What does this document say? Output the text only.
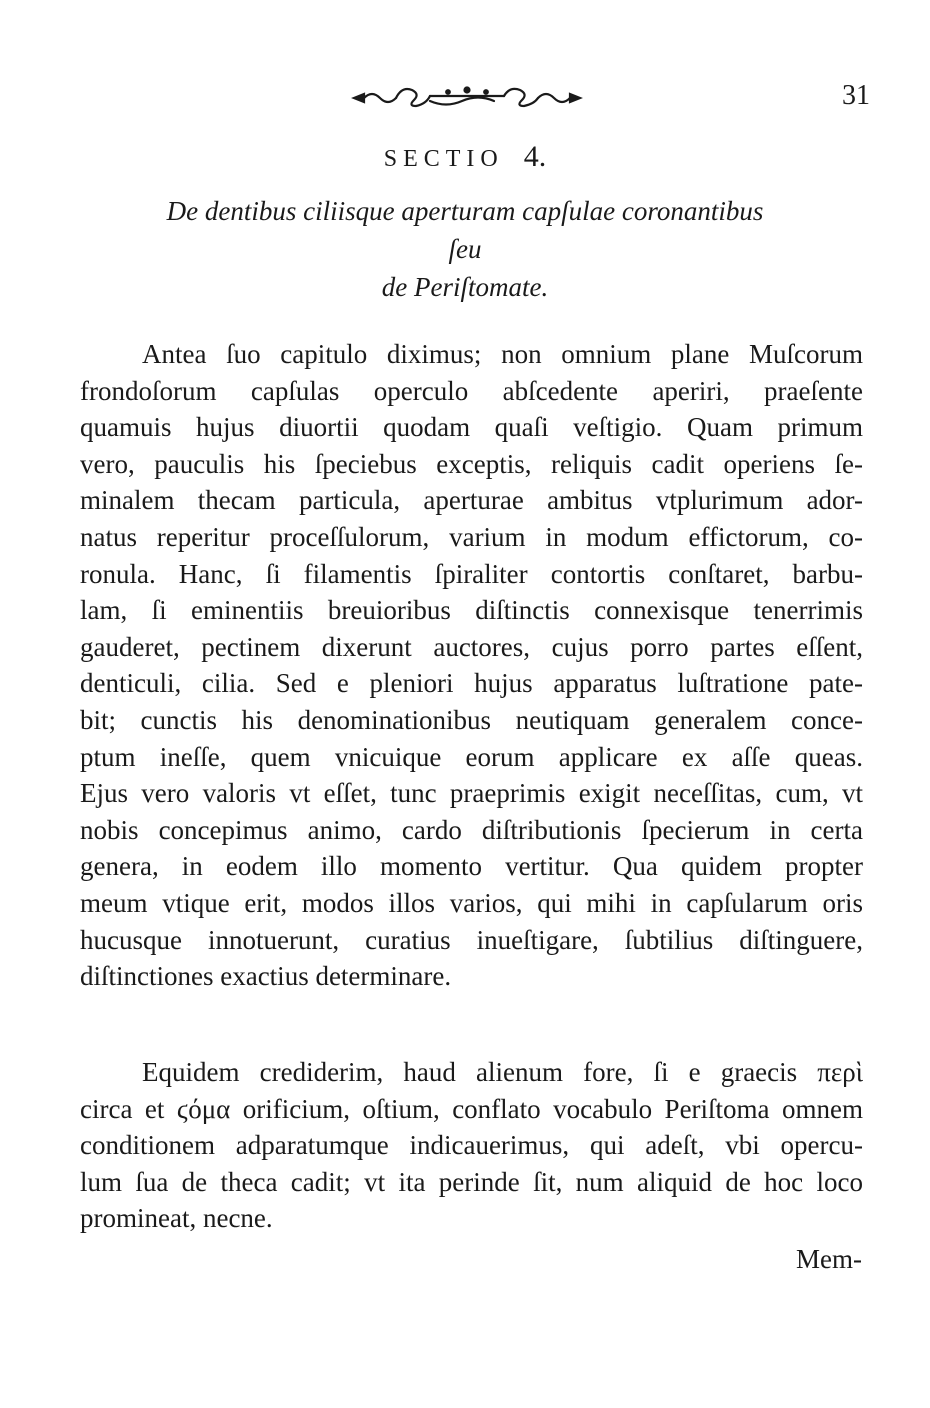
31
SECTIO 4.
De dentibus ciliisque aperturam capſulae coronantibus
ſeu
de Periſtomate.
Antea ſuo capitulo diximus; non omnium plane Muſcorum
frondoſorum capſulas operculo abſcedente aperiri, praeſente
quamuis hujus diuortii quodam quaſi veſtigio. Quam primum
vero, pauculis his ſpeciebus exceptis, reliquis cadit operiens ſe-
minalem thecam particula, aperturae ambitus vtplurimum ador-
natus reperitur proceſſulorum, varium in modum effictorum, co-
ronula. Hanc, ſi filamentis ſpiraliter contortis conſtaret, barbu-
lam, ſi eminentiis breuioribus diſtinctis connexisque tenerrimis
gauderet, pectinem dixerunt auctores, cujus porro partes eſſent,
denticuli, cilia. Sed e pleniori hujus apparatus luſtratione pate-
bit; cunctis his denominationibus neutiquam generalem conce-
ptum ineſſe, quem vnicuique eorum applicare ex aſſe queas.
Ejus vero valoris vt eſſet, tunc praeprimis exigit neceſſitas, cum, vt
nobis concepimus animo, cardo diſtributionis ſpecierum in certa
genera, in eodem illo momento vertitur. Qua quidem propter
meum vtique erit, modos illos varios, qui mihi in capſularum oris
hucusque innotuerunt, curatius inueſtigare, ſubtilius diſtinguere,
diſtinctiones exactius determinare.
Equidem crediderim, haud alienum fore, ſi e graecis περὶ
circa et ϛόμα orificium, oſtium, conflato vocabulo Periſtoma omnem
conditionem adparatumque indicauerimus, qui adeſt, vbi opercu-
lum ſua de theca cadit; vt ita perinde ſit, num aliquid de hoc loco
promineat, necne.
Mem-
